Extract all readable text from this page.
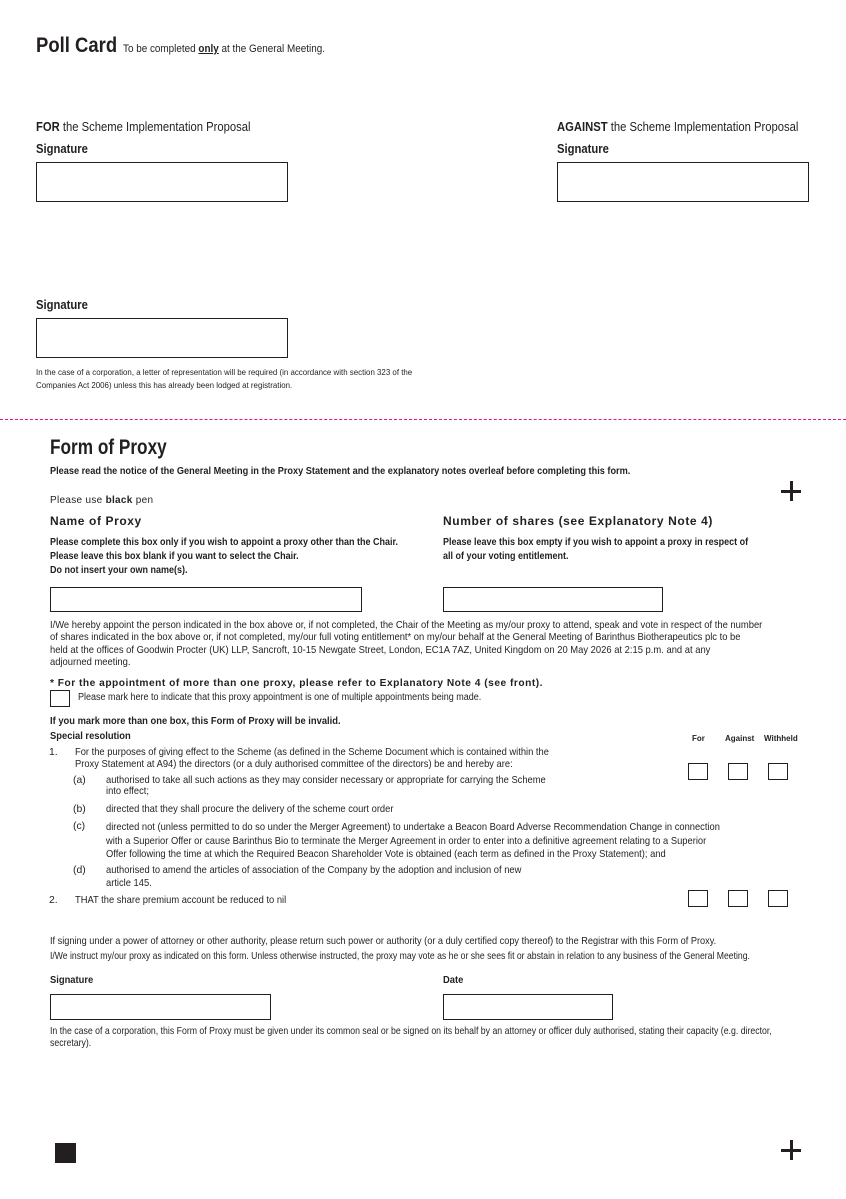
Poll Card To be completed only at the General Meeting.
FOR the Scheme Implementation Proposal
Signature
AGAINST the Scheme Implementation Proposal
Signature
Signature
In the case of a corporation, a letter of representation will be required (in accordance with section 323 of the
Companies Act 2006) unless this has already been lodged at registration.
Form of Proxy
Please read the notice of the General Meeting in the Proxy Statement and the explanatory notes overleaf before completing this form.
Please use black pen
Name of Proxy
Please complete this box only if you wish to appoint a proxy other than the Chair.
Please leave this box blank if you want to select the Chair.
Do not insert your own name(s).
Number of shares (see Explanatory Note 4)
Please leave this box empty if you wish to appoint a proxy in respect of
all of your voting entitlement.
I/We hereby appoint the person indicated in the box above or, if not completed, the Chair of the Meeting as my/our proxy to attend, speak and vote in respect of the number
of shares indicated in the box above or, if not completed, my/our full voting entitlement* on my/our behalf at the General Meeting of Barinthus Biotherapeutics plc to be
held at the offices of Goodwin Procter (UK) LLP, Sancroft, 10-15 Newgate Street, London, EC1A 7AZ, United Kingdom on 20 May 2026 at 2:15 p.m. and at any
adjourned meeting.
* For the appointment of more than one proxy, please refer to Explanatory Note 4 (see front).
Please mark here to indicate that this proxy appointment is one of multiple appointments being made.
If you mark more than one box, this Form of Proxy will be invalid.
Special resolution	For	Against Withheld
1. For the purposes of giving effect to the Scheme (as defined in the Scheme Document which is contained within the
Proxy Statement at A94) the directors (or a duly authorised committee of the directors) be and hereby are:
(a) authorised to take all such actions as they may consider necessary or appropriate for carrying the Scheme
into effect;
(b) directed that they shall procure the delivery of the scheme court order
(c) directed not (unless permitted to do so under the Merger Agreement) to undertake a Beacon Board Adverse Recommendation Change in connection
with a Superior Offer or cause Barinthus Bio to terminate the Merger Agreement in order to enter into a definitive agreement relating to a Superior
Offer following the time at which the Required Beacon Shareholder Vote is obtained (each term as defined in the Proxy Statement); and
(d) authorised to amend the articles of association of the Company by the adoption and inclusion of new
article 145.
2. THAT the share premium account be reduced to nil
If signing under a power of attorney or other authority, please return such power or authority (or a duly certified copy thereof) to the Registrar with this Form of Proxy.
I/We instruct my/our proxy as indicated on this form. Unless otherwise instructed, the proxy may vote as he or she sees fit or abstain in relation to any business of the General Meeting.
Signature	Date
In the case of a corporation, this Form of Proxy must be given under its common seal or be signed on its behalf by an attorney or officer duly authorised, stating their capacity (e.g. director,
secretary).
